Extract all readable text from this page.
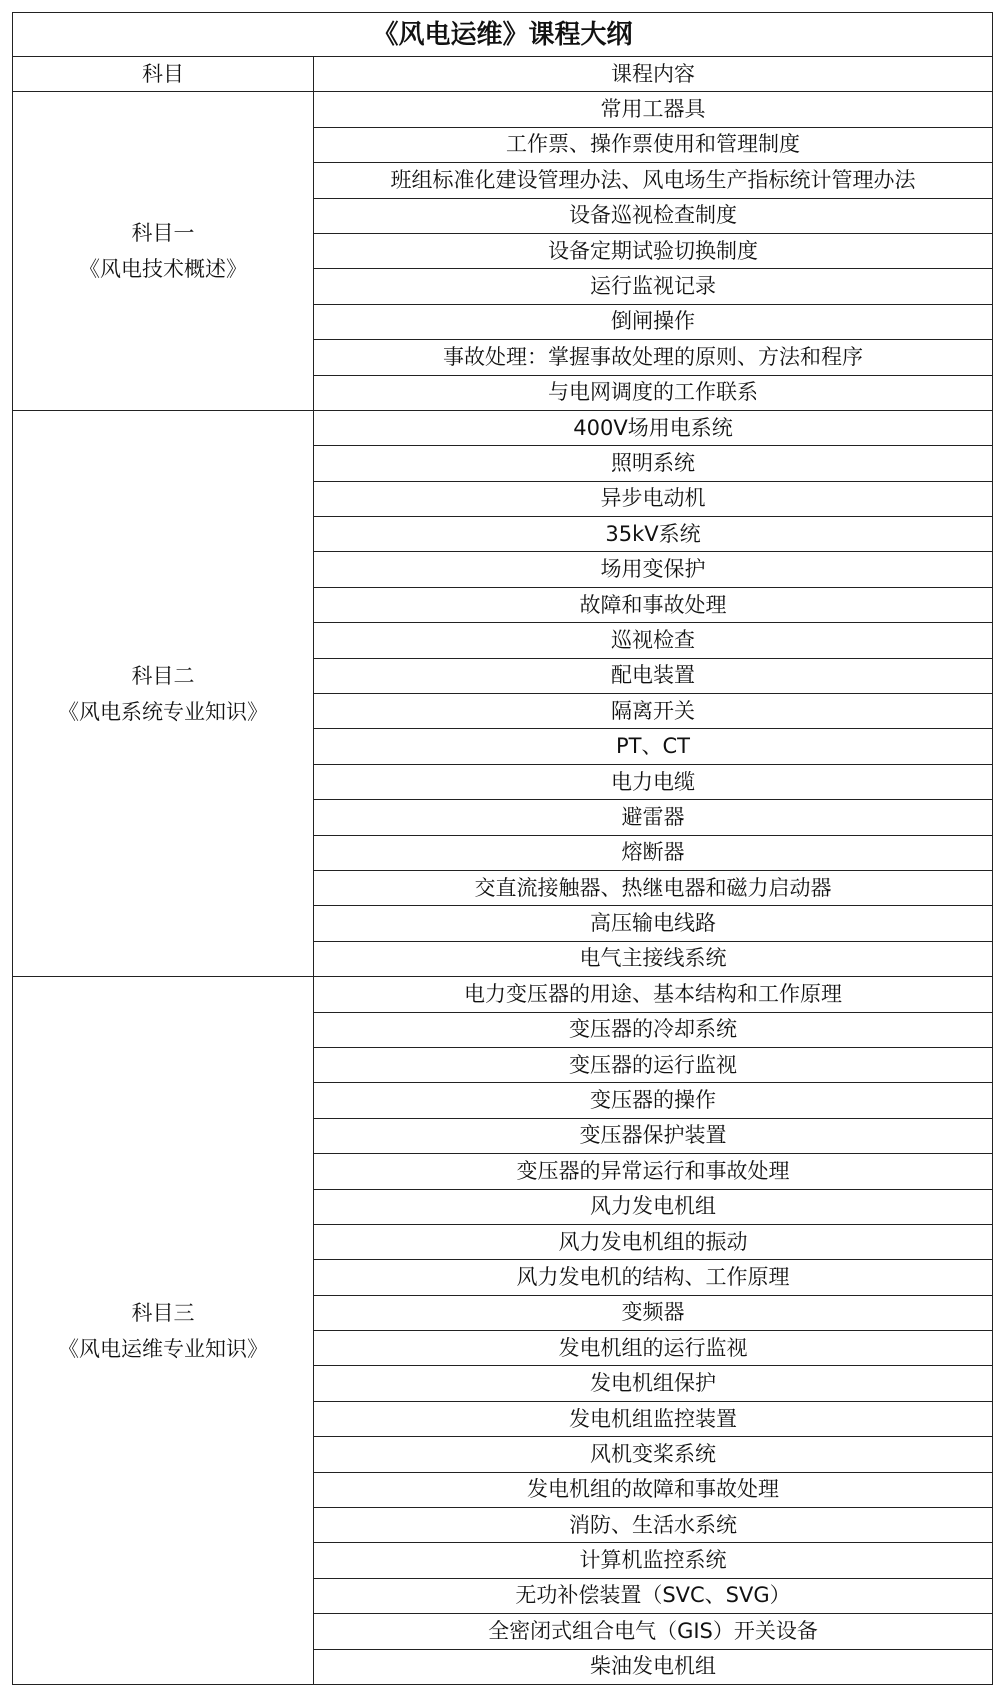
《风电运维》课程大纲	
科目	课程内容

科目一
《风电技术概述》	常用工器具
	工作票、操作票使用和管理制度
	班组标准化建设管理办法、风电场生产指标统计管理办法
	设备巡视检查制度
	设备定期试验切换制度
	运行监视记录
	倒闸操作
	事故处理：掌握事故处理的原则、方法和程序
	与电网调度的工作联系

科目二
《风电系统专业知识》	400V场用电系统
	照明系统
	异步电动机
	35kV系统
	场用变保护
	故障和事故处理
	巡视检查
	配电装置
	隔离开关
	PT、CT
	电力电缆
	避雷器
	熔断器
	交直流接触器、热继电器和磁力启动器
	高压输电线路
	电气主接线系统

科目三
《风电运维专业知识》	电力变压器的用途、基本结构和工作原理
	变压器的冷却系统
	变压器的运行监视
	变压器的操作
	变压器保护装置
	变压器的异常运行和事故处理
	风力发电机组
	风力发电机组的振动
	风力发电机的结构、工作原理
	变频器
	发电机组的运行监视
	发电机组保护
	发电机组监控装置
	风机变桨系统
	发电机组的故障和事故处理
	消防、生活水系统
	计算机监控系统
	无功补偿装置（SVC、SVG）
	全密闭式组合电气（GIS）开关设备
	柴油发电机组
